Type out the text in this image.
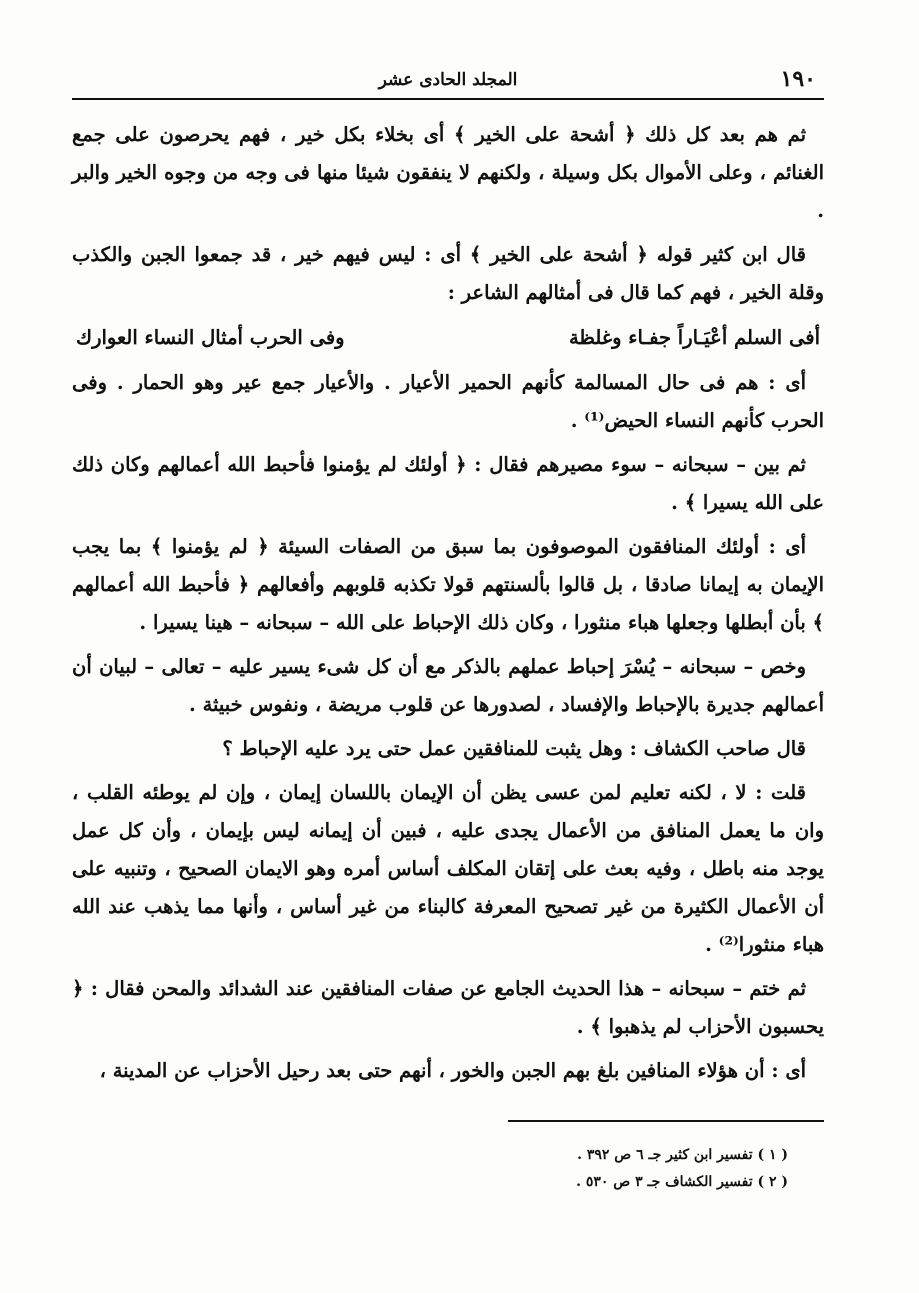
١٩٠
المجلد الحادى عشر

ثم هم بعد كل ذلك ﴿ أشحة على الخير ﴾ أى بخلاء بكل خير ، فهم يحرصون على جمع الغنائم ، وعلى الأموال بكل وسيلة ، ولكنهم لا ينفقون شيئا منها فى وجه من وجوه الخير والبر .

قال ابن كثير قوله ﴿ أشحة على الخير ﴾ أى : ليس فيهم خير ، قد جمعوا الجبن والكذب وقلة الخير ، فهم كما قال فى أمثالهم الشاعر :

أفى السلم أعْيَـاراً جفـاء وغلظة
وفى الحرب أمثال النساء العوارك

أى : هم فى حال المسالمة كأنهم الحمير الأعيار . والأعيار جمع عير وهو الحمار . وفى الحرب كأنهم النساء الحيض⁽¹⁾ .

ثم بين – سبحانه – سوء مصيرهم فقال : ﴿ أولئك لم يؤمنوا فأحبط الله أعمالهم وكان ذلك على الله يسيرا ﴾ .

أى : أولئك المنافقون الموصوفون بما سبق من الصفات السيئة ﴿ لم يؤمنوا ﴾ بما يجب الإيمان به إيمانا صادقا ، بل قالوا بألسنتهم قولا تكذبه قلوبهم وأفعالهم ﴿ فأحبط الله أعمالهم ﴾ بأن أبطلها وجعلها هباء منثورا ، وكان ذلك الإحباط على الله – سبحانه – هينا يسيرا .

وخص – سبحانه – يُسْرَ إحباط عملهم بالذكر مع أن كل شىء يسير عليه – تعالى – لبيان أن أعمالهم جديرة بالإحباط والإفساد ، لصدورها عن قلوب مريضة ، ونفوس خبيثة .

قال صاحب الكشاف : وهل يثبت للمنافقين عمل حتى يرد عليه الإحباط ؟

قلت : لا ، لكنه تعليم لمن عسى يظن أن الإيمان باللسان إيمان ، وإن لم يوطئه القلب ، وان ما يعمل المنافق من الأعمال يجدى عليه ، فبين أن إيمانه ليس بإيمان ، وأن كل عمل يوجد منه باطل ، وفيه بعث على إتقان المكلف أساس أمره وهو الايمان الصحيح ، وتنبيه على أن الأعمال الكثيرة من غير تصحيح المعرفة كالبناء من غير أساس ، وأنها مما يذهب عند الله هباء منثورا⁽²⁾ .

ثم ختم – سبحانه – هذا الحديث الجامع عن صفات المنافقين عند الشدائد والمحن فقال : ﴿ يحسبون الأحزاب لم يذهبوا ﴾ .

أى : أن هؤلاء المنافين بلغ بهم الجبن والخور ، أنهم حتى بعد رحيل الأحزاب عن المدينة ،

( ١ ) تفسير ابن كثير جـ ٦ ص ٣٩٢ .
( ٢ ) تفسير الكشاف جـ ٣ ص ٥٣٠ .
